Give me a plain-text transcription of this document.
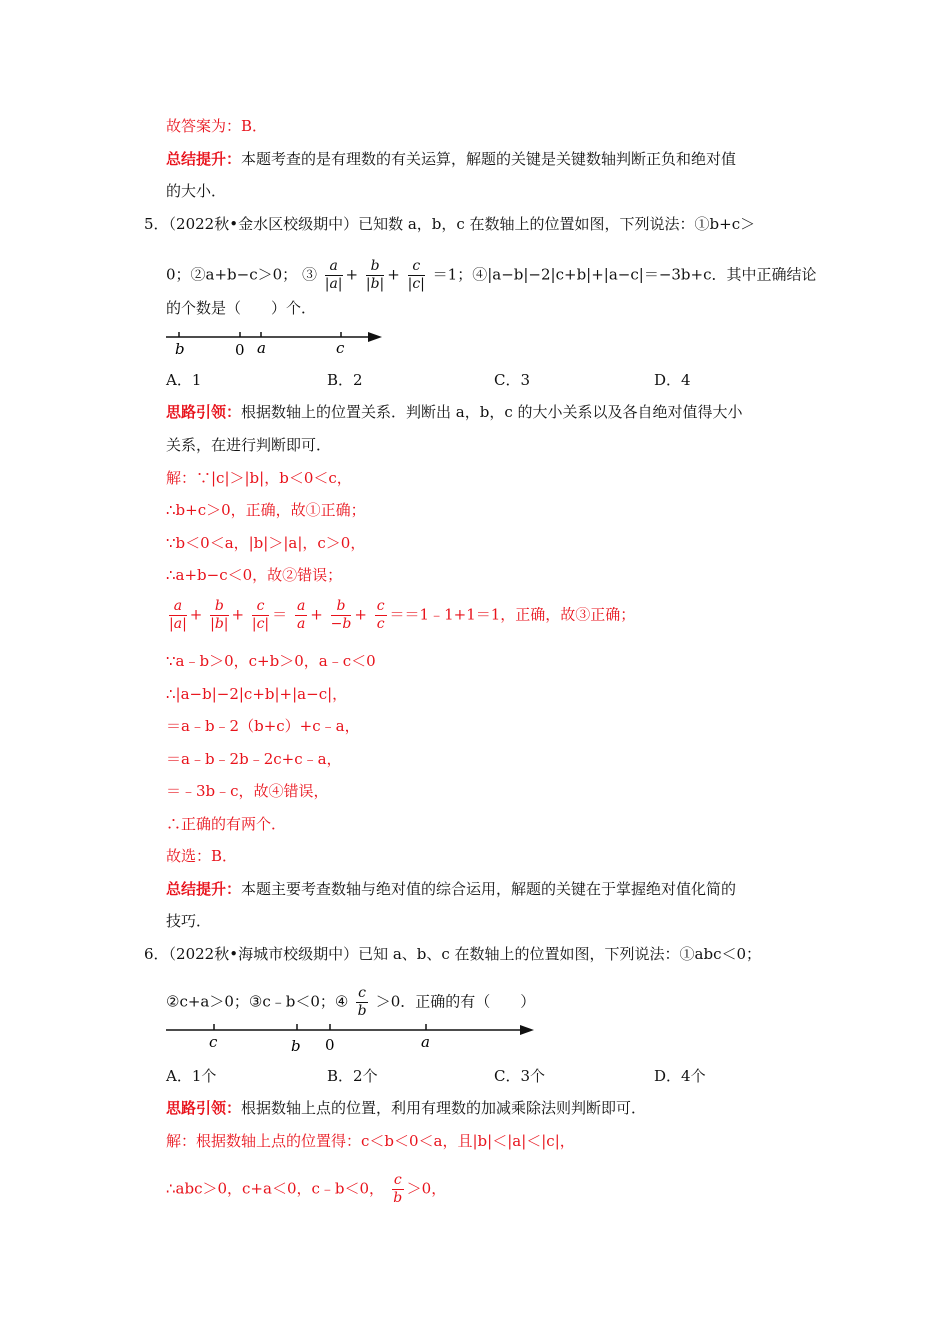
故答案为：B．
总结提升：本题考查的是有理数的有关运算，解题的关键是关键数轴判断正负和绝对值
的大小．
5．（2022秋•金水区校级期中）已知数 a，b，c 在数轴上的位置如图，下列说法：①b+c＞
0；②a+b−c＞0； ③ $\frac{a}{|a|} + \frac{b}{|b|} + \frac{c}{|c|} =1$；④|a−b|−2|c+b|+|a−c|＝−3b+c．其中正确结论
的个数是（　　）个．
b	0 a	c
A．1	B．2	C．3	D．4
思路引领：根据数轴上的位置关系．判断出 a，b，c 的大小关系以及各自绝对值得大小
关系，在进行判断即可．
解：∵|c|＞|b|，b＜0＜c，
∴b+c＞0，正确，故①正确；
∵b＜0＜a，|b|＞|a|，c＞0，
∴a+b−c＜0，故②错误；
$\frac{a}{|a|} + \frac{b}{|b|} + \frac{c}{|c|} = \frac{a}{a} + \frac{b}{-b} + \frac{c}{c}$ ＝＝1﹣1+1＝1，正确，故③正确；
∵a﹣b＞0，c+b＞0，a﹣c＜0
∴|a−b|−2|c+b|+|a−c|，
＝a﹣b﹣2（b+c）+c﹣a，
＝a﹣b﹣2b﹣2c+c﹣a，
＝﹣3b﹣c，故④错误，
∴正确的有两个．
故选：B．
总结提升：本题主要考查数轴与绝对值的综合运用，解题的关键在于掌握绝对值化简的
技巧．
6．（2022秋•海城市校级期中）已知 a、b、c 在数轴上的位置如图，下列说法：①abc＜0；
②c+a＞0；③c﹣b＜0；④ $\frac{c}{b} >0$．正确的有（　　）
c	b 0	a
A．1个	B．2个	C．3个	D．4个
思路引领：根据数轴上点的位置，利用有理数的加减乘除法则判断即可．
解：根据数轴上点的位置得：c＜b＜0＜a，且|b|＜|a|＜|c|，
∴abc＞0，c+a＜0，c﹣b＜0， $\frac{c}{b} >0$，
